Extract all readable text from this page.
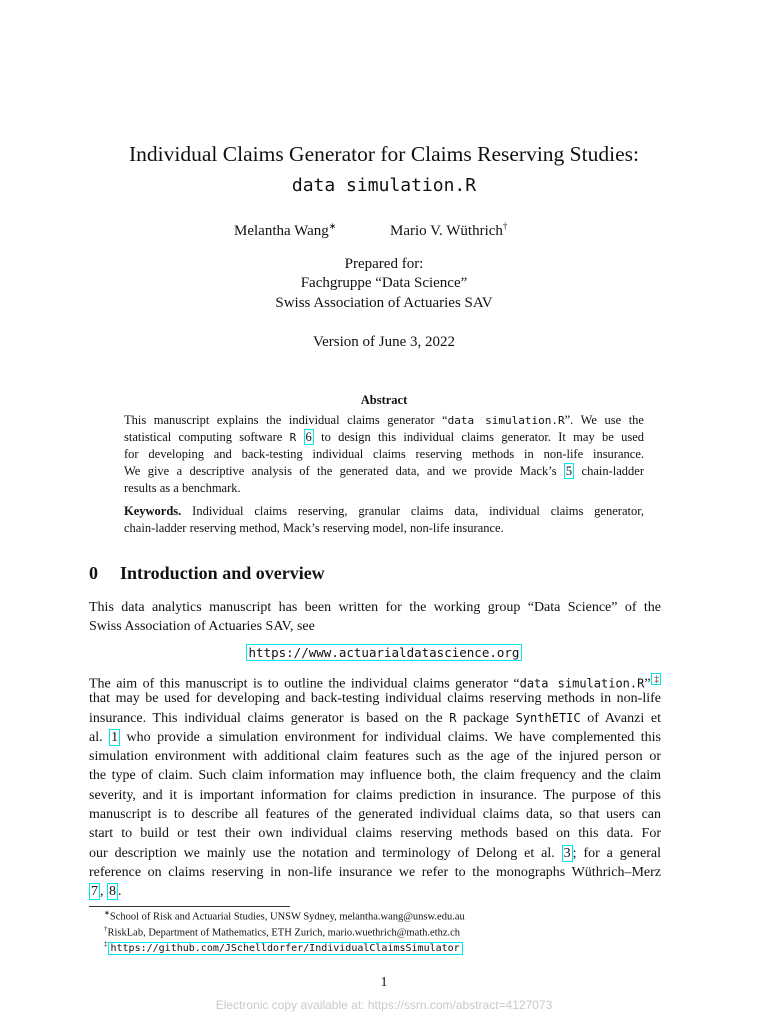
Individual Claims Generator for Claims Reserving Studies:
data simulation.R
Melantha Wang∗	Mario V. Wüthrich†
Prepared for:
Fachgruppe “Data Science”
Swiss Association of Actuaries SAV
Version of June 3, 2022
Abstract
This manuscript explains the individual claims generator “data simulation.R”. We use the
statistical computing software R 6 to design this individual claims generator. It may be used
for developing and back-testing individual claims reserving methods in non-life insurance.
We give a descriptive analysis of the generated data, and we provide Mack’s 5 chain-ladder
results as a benchmark.
Keywords. Individual claims reserving, granular claims data, individual claims generator,
chain-ladder reserving method, Mack’s reserving model, non-life insurance.
0 Introduction and overview
This data analytics manuscript has been written for the working group “Data Science” of the
Swiss Association of Actuaries SAV, see
https://www.actuarialdatascience.org
The aim of this manuscript is to outline the individual claims generator “data simulation.R” ‡
that may be used for developing and back-testing individual claims reserving methods in non-life
insurance. This individual claims generator is based on the R package SynthETIC of Avanzi et
al. 1 who provide a simulation environment for individual claims. We have complemented this
simulation environment with additional claim features such as the age of the injured person or
the type of claim. Such claim information may influence both, the claim frequency and the claim
severity, and it is important information for claims prediction in insurance. The purpose of this
manuscript is to describe all features of the generated individual claims data, so that users can
start to build or test their own individual claims reserving methods based on this data. For
our description we mainly use the notation and terminology of Delong et al. 3 ; for a general
reference on claims reserving in non-life insurance we refer to the monographs Wüthrich–Merz
7 , 8 .
∗School of Risk and Actuarial Studies, UNSW Sydney, melantha.wang@unsw.edu.au
†RiskLab, Department of Mathematics, ETH Zurich, mario.wuethrich@math.ethz.ch
‡ https://github.com/JSchelldorfer/IndividualClaimsSimulator
1
Electronic copy available at: https://ssrn.com/abstract=4127073
